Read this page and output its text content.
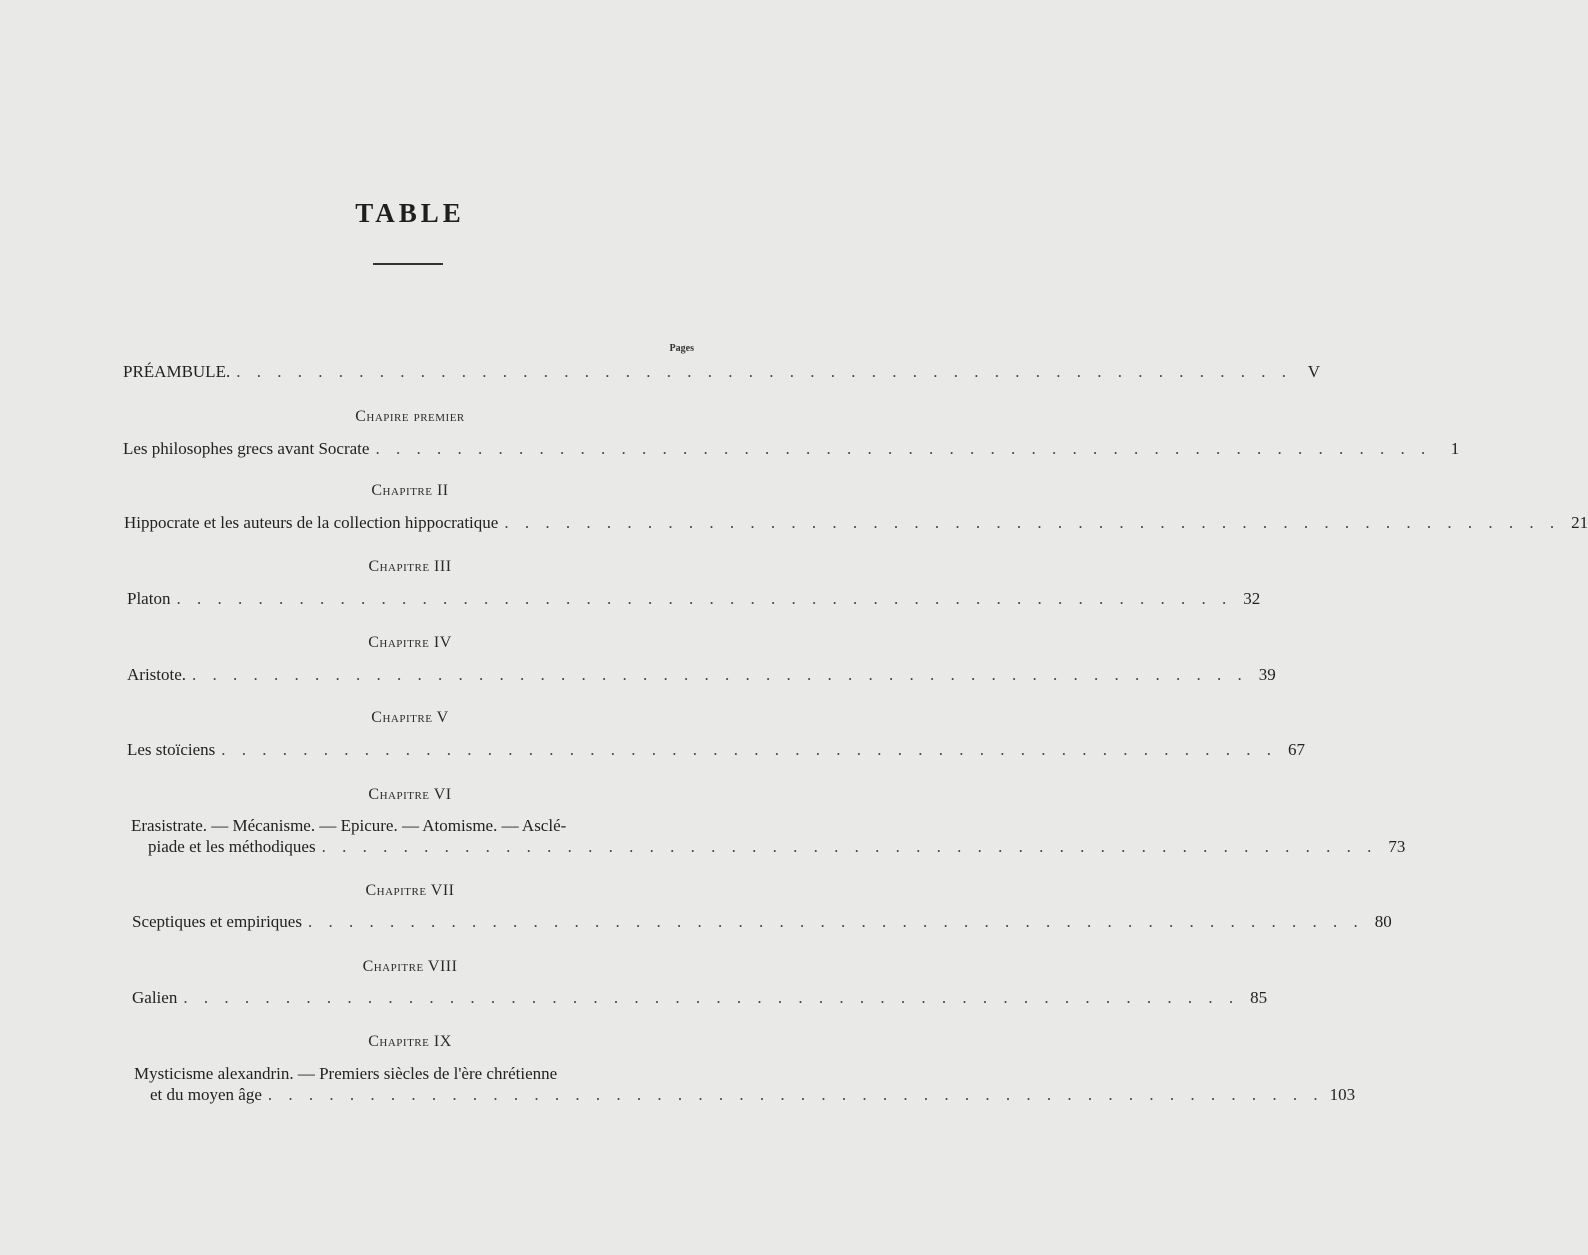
TABLE
Pages
PRÉAMBULE. . . . . . . . . . . . . . . . . . . . . . . . . . . . . . . . . . . . . . . . . . . . . . . . . . . . . V
Chapire premier
Les philosophes grecs avant Socrate . . . . . . . . . . . . . . . . . . . . . . . . . . . . . . . . . . . . . . . . . . . . . . . . . . . .	1
Chapitre II
Hippocrate et les auteurs de la collection hippocratique . . . . . . . . . . . . . . . . . . . . . . . . . . . . . . . . . . . . . . . . . . . . . . . . . . . . 21
Chapitre III
Platon . . . . . . . . . . . . . . . . . . . . . . . . . . . . . . . . . . . . . . . . . . . . . . . . . . . . 32
Chapitre IV
Aristote. . . . . . . . . . . . . . . . . . . . . . . . . . . . . . . . . . . . . . . . . . . . . . . . . . . . . 39
Chapitre V
Les stoïciens . . . . . . . . . . . . . . . . . . . . . . . . . . . . . . . . . . . . . . . . . . . . . . . . . . . . 67
Chapitre VI
Erasistrate. — Mécanisme. — Epicure. — Atomisme. — Asclé-
piade et les méthodiques . . . . . . . . . . . . . . . . . . . . . . . . . . . . . . . . . . . . . . . . . . . . . . . . . . . . 73
Chapitre VII
Sceptiques et empiriques . . . . . . . . . . . . . . . . . . . . . . . . . . . . . . . . . . . . . . . . . . . . . . . . . . . . 80
Chapitre VIII
Galien . . . . . . . . . . . . . . . . . . . . . . . . . . . . . . . . . . . . . . . . . . . . . . . . . . . . 85
Chapitre IX
Mysticisme alexandrin. — Premiers siècles de l'ère chrétienne
et du moyen âge . . . . . . . . . . . . . . . . . . . . . . . . . . . . . . . . . . . . . . . . . . . . . . . . . . . . 103
